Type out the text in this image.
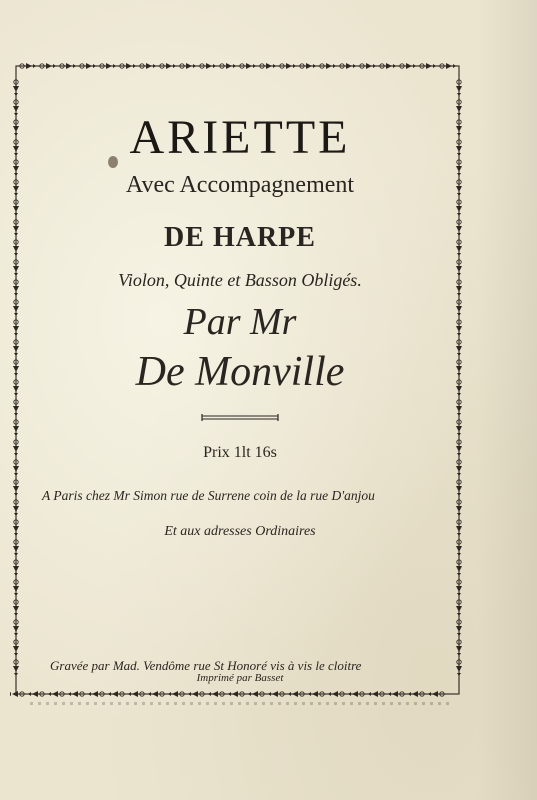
ARIETTE
Avec Accompagnement
DE HARPE
Violon, Quinte et Basson Obligés.
Par Mr
De Monville
Prix 1lt 16s
A Paris chez Mr Simon rue de Surrene coin de la rue D'anjou
Et aux adresses Ordinaires
Gravée par Mad. Vendôme rue St Honoré vis à vis le cloitre
Imprimé par Basset
